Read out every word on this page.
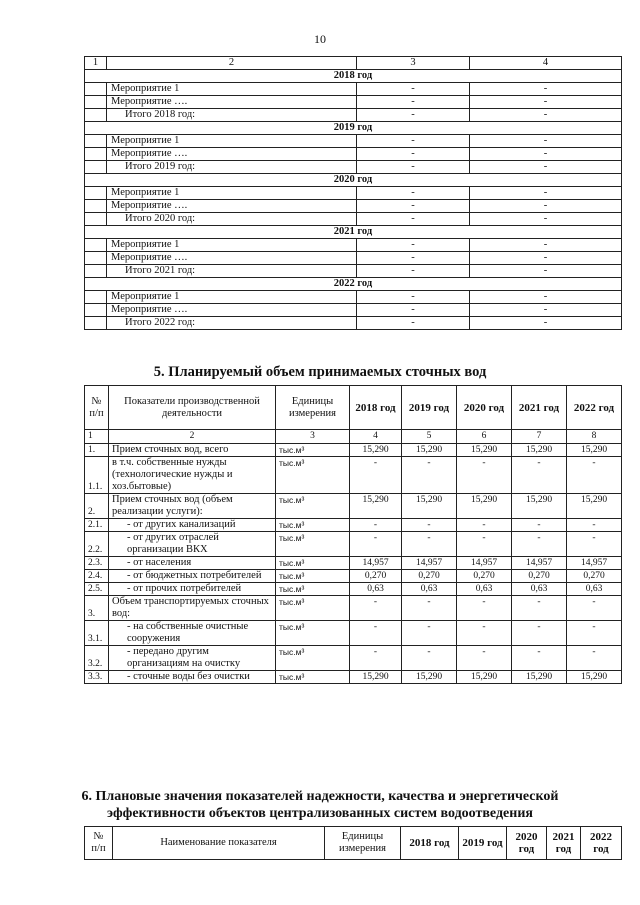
10
1	2	3	4
2018 год			
	Мероприятие 1	-	-
	Мероприятие ….	-	-
	Итого 2018 год:	-	-
2019 год			
	Мероприятие 1	-	-
	Мероприятие ….	-	-
	Итого 2019 год:	-	-
2020 год			
	Мероприятие 1	-	-
	Мероприятие ….	-	-
	Итого 2020 год:	-	-
2021 год			
	Мероприятие 1	-	-
	Мероприятие ….	-	-
	Итого 2021 год:	-	-
2022 год			
	Мероприятие 1	-	-
	Мероприятие ….	-	-
	Итого 2022 год:	-	-
5. Планируемый объем принимаемых сточных вод
№ п/п	Показатели производственной деятельности	Единицы измерения	2018 год	2019 год	2020 год	2021 год	2022 год
1	2	3	4	5	6	7	8
1.	Прием сточных вод, всего	тыс.м³	15,290	15,290	15,290	15,290	15,290
1.1.	в т.ч. собственные нужды (технологические нужды и хоз.бытовые)	тыс.м³	-	-	-	-	-
2.	Прием сточных вод (объем реализации услуги):	тыс.м³	15,290	15,290	15,290	15,290	15,290
2.1.	- от других канализаций	тыс.м³	-	-	-	-	-
2.2.	- от других отраслей организации ВКХ	тыс.м³	-	-	-	-	-
2.3.	- от населения	тыс.м³	14,957	14,957	14,957	14,957	14,957
2.4.	- от бюджетных потребителей	тыс.м³	0,270	0,270	0,270	0,270	0,270
2.5.	- от прочих потребителей	тыс.м³	0,63	0,63	0,63	0,63	0,63
3.	Объем транспортируемых сточных вод:	тыс.м³	-	-	-	-	-
3.1.	- на собственные очистные сооружения	тыс.м³	-	-	-	-	-
3.2.	- передано другим организациям на очистку	тыс.м³	-	-	-	-	-
3.3.	- сточные воды без очистки	тыс.м³	15,290	15,290	15,290	15,290	15,290
6. Плановые значения показателей надежности, качества и энергетической
эффективности объектов централизованных систем водоотведения
№ п/п	Наименование показателя	Единицы измерения	2018 год	2019 год	2020 год	2021 год	2022 год
